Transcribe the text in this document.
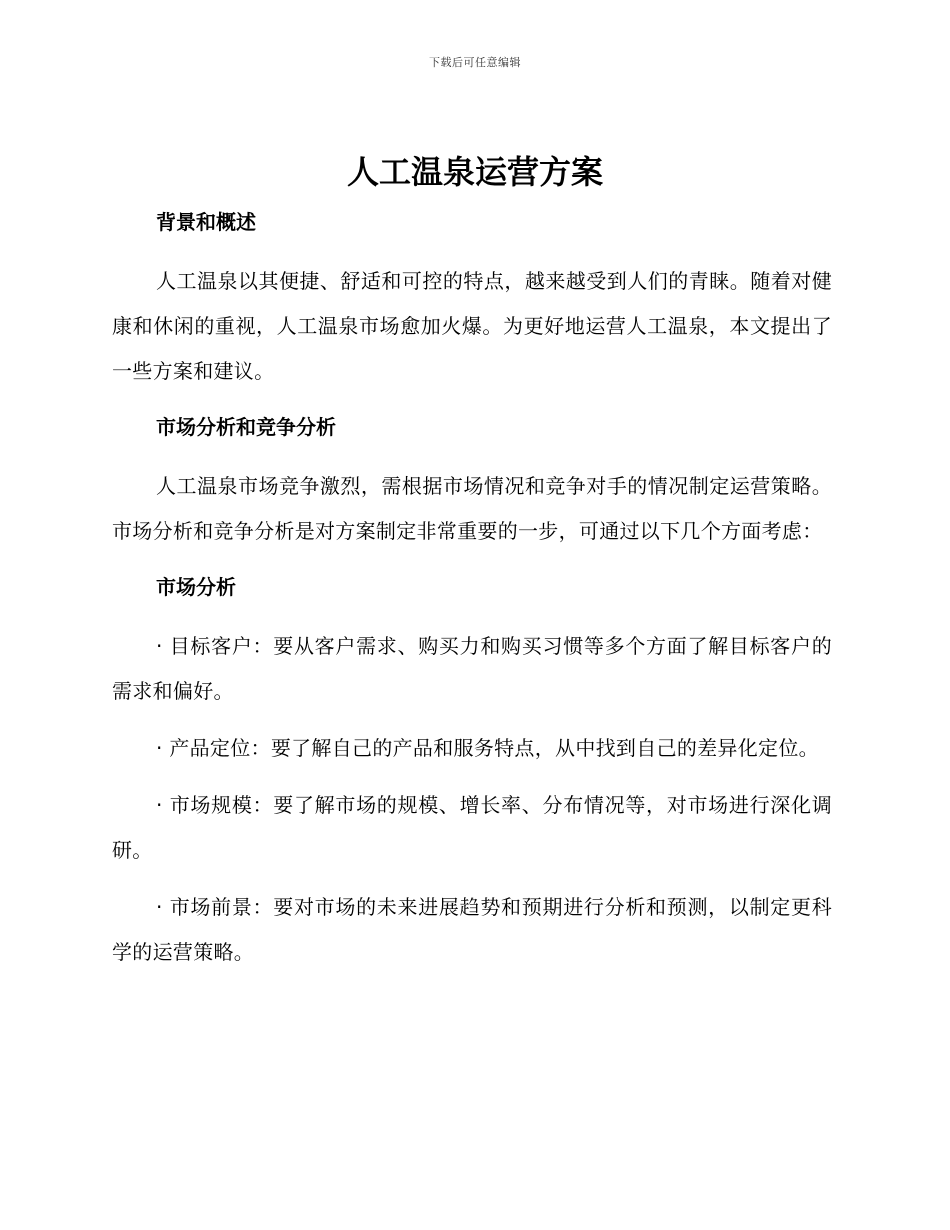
下载后可任意编辑
人工温泉运营方案
背景和概述

人工温泉以其便捷、舒适和可控的特点，越来越受到人们的青睐。随着对健康和休闲的重视，人工温泉市场愈加火爆。为更好地运营人工温泉，本文提出了一些方案和建议。

市场分析和竞争分析

人工温泉市场竞争激烈，需根据市场情况和竞争对手的情况制定运营策略。市场分析和竞争分析是对方案制定非常重要的一步，可通过以下几个方面考虑：

市场分析

· 目标客户：要从客户需求、购买力和购买习惯等多个方面了解目标客户的需求和偏好。

· 产品定位：要了解自己的产品和服务特点，从中找到自己的差异化定位。

· 市场规模：要了解市场的规模、增长率、分布情况等，对市场进行深化调研。

· 市场前景：要对市场的未来进展趋势和预期进行分析和预测，以制定更科学的运营策略。
